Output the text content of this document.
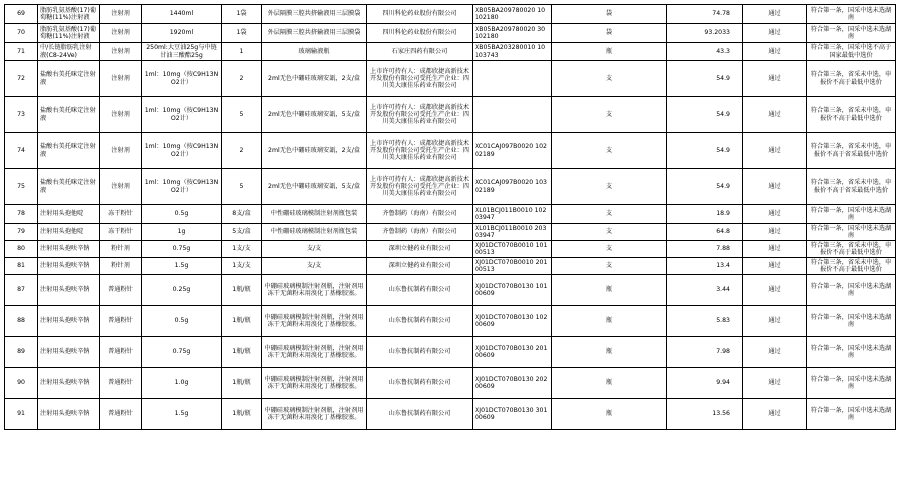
69	脂肪乳氨基酸(17)葡萄糖(11%)注射液	注射剂	1440ml	1袋	外层隔膜三腔共挤输液用三层膜袋	四川科伦药业股份有限公司	XB05BA209780020 10102180	袋	74.78	通过	符合第一条，国采中选未选湖南
70	脂肪乳氨基酸(17)葡萄糖(11%)注射液	注射剂	1920ml	1袋	外层隔膜三腔共挤输液用三层膜袋	四川科伦药业股份有限公司	XB05BA209780020 30102180	袋	93.2033	通过	符合第一条，国采中选未选湖南
71	中/长链脂肪乳注射液(C8-24Ve)	注射剂	250ml:大豆油25g与中链甘油三酸酯25g	1	玻璃输液瓶	石家庄四药有限公司	XB05BA203280010 10103743	瓶	43.3	通过	符合第三条，国采中选不高于国家最低中选价
72	盐酸右美托咪定注射液	注射剂	1ml：10mg（按C9H13NO2计）	2	2ml无色中硼硅玻璃安瓿，2支/盒	上市许可持有人：成都欣捷高新技术开发股份有限公司受托生产企业：四川美大康佳乐药业有限公司		支	54.9	通过	符合第三条，省采未中选，申报价不高于最低中选价
73	盐酸右美托咪定注射液	注射剂	1ml：10mg（按C9H13NO2计）	5	2ml无色中硼硅玻璃安瓿，5支/盒	上市许可持有人：成都欣捷高新技术开发股份有限公司受托生产企业：四川美大康佳乐药业有限公司		支	54.9	通过	符合第三条，省采未中选，申报价不高于最低中选价
74	盐酸右美托咪定注射液	注射剂	1ml：10mg（按C9H13NO2计）	2	2ml无色中硼硅玻璃安瓿，2支/盒	上市许可持有人：成都欣捷高新技术开发股份有限公司受托生产企业：四川美大康佳乐药业有限公司	XC01CAJ097B0020 10202189	支	54.9	通过	符合第三条，省采未中选，申报价不高于省采最低中选价
75	盐酸右美托咪定注射液	注射剂	1ml：10mg（按C9H13NO2计）	5	2ml无色中硼硅玻璃安瓿，5支/盒	上市许可持有人：成都欣捷高新技术开发股份有限公司受托生产企业：四川美大康佳乐药业有限公司	XC01CAJ097B0020 10302189	支	54.9	通过	符合第三条，省采未中选，申报价不高于省采最低中选价
78	注射用头孢他啶	冻干粉针	0.5g	8支/盒	中性硼硅玻璃模制注射剂瓶包装	齐鲁制药（海南）有限公司	XL01BCJ011B0010 10203947	支	18.9	通过	符合第一条，国采中选未选湖南
79	注射用头孢他啶	冻干粉针	1g	5支/盒	中性硼硅玻璃模制注射剂瓶包装	齐鲁制药（海南）有限公司	XL01BCJ011B0010 20303947	支	64.8	通过	符合第一条，国采中选未选湖南
80	注射用头孢呋辛钠	粉针剂	0.75g	1支/支	支/支	深圳立健药业有限公司	XJ01DCT070B0010 10100513	支	7.88	通过	符合第三条，省采未中选，申报价不高于最低中选价
81	注射用头孢呋辛钠	粉针剂	1.5g	1支/支	支/支	深圳立健药业有限公司	XJ01DCT070B0010 20100513	支	13.4	通过	符合第三条，省采未中选，申报价不高于最低中选价
87	注射用头孢呋辛钠	普通粉针	0.25g	1瓶/瓶	中硼硅玻璃模制注射剂瓶，注射剂用冻干无菌粉末用溴化丁基橡胶塞。	山东鲁抗制药有限公司	XJ01DCT070B0130 10100609	瓶	3.44	通过	符合第一条，国采中选未选湖南
88	注射用头孢呋辛钠	普通粉针	0.5g	1瓶/瓶	中硼硅玻璃模制注射剂瓶，注射剂用冻干无菌粉末用溴化丁基橡胶塞。	山东鲁抗制药有限公司	XJ01DCT070B0130 10200609	瓶	5.83	通过	符合第一条，国采中选未选湖南
89	注射用头孢呋辛钠	普通粉针	0.75g	1瓶/瓶	中硼硅玻璃模制注射剂瓶，注射剂用冻干无菌粉末用溴化丁基橡胶塞。	山东鲁抗制药有限公司	XJ01DCT070B0130 20100609	瓶	7.98	通过	符合第一条，国采中选未选湖南
90	注射用头孢呋辛钠	普通粉针	1.0g	1瓶/瓶	中硼硅玻璃模制注射剂瓶，注射剂用冻干无菌粉末用溴化丁基橡胶塞。	山东鲁抗制药有限公司	XJ01DCT070B0130 20200609	瓶	9.94	通过	符合第一条，国采中选未选湖南
91	注射用头孢呋辛钠	普通粉针	1.5g	1瓶/瓶	中硼硅玻璃模制注射剂瓶，注射剂用冻干无菌粉末用溴化丁基橡胶塞。	山东鲁抗制药有限公司	XJ01DCT070B0130 30100609	瓶	13.56	通过	符合第一条，国采中选未选湖南
